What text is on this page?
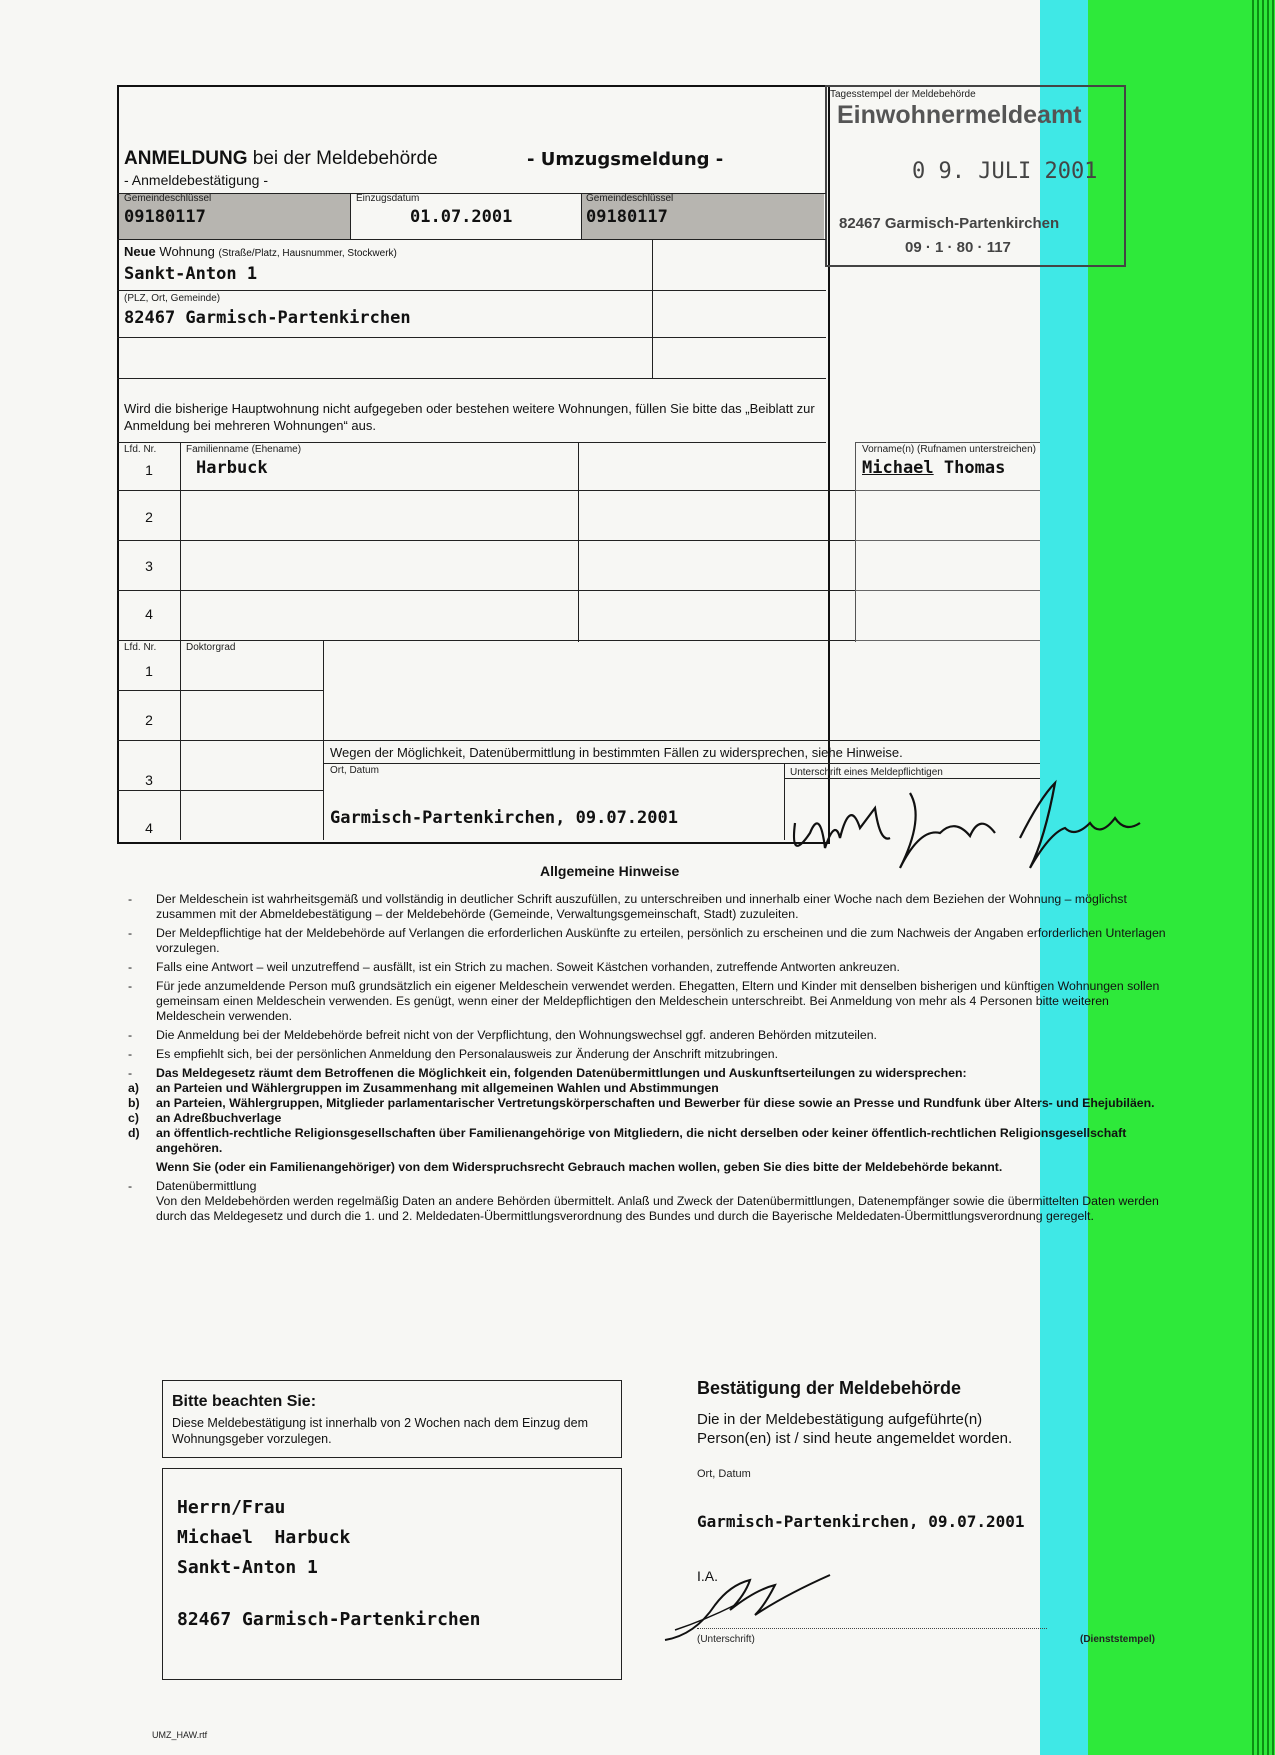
ANMELDUNG bei der Meldebehörde
- Anmeldebestätigung -
- Umzugsmeldung -
Tagesstempel der Meldebehörde
Einwohnermeldeamt
0 9. JULI 2001
82467 Garmisch-Partenkirchen
09 · 1 · 80 · 117
Gemeindeschlüssel
09180117
Einzugsdatum
01.07.2001
Gemeindeschlüssel
09180117
Neue Wohnung (Straße/Platz, Hausnummer, Stockwerk)
Sankt-Anton 1
(PLZ, Ort, Gemeinde)
82467 Garmisch-Partenkirchen
Wird die bisherige Hauptwohnung nicht aufgegeben oder bestehen weitere Wohnungen, füllen Sie bitte das „Beiblatt zur Anmeldung bei mehreren Wohnungen“ aus.
Lfd. Nr.	Familienname (Ehename)	Vorname(n) (Rufnamen unterstreichen)
1	Harbuck	Michael Thomas
2
3
4
Lfd. Nr.	Doktorgrad
1
2
3
4
Wegen der Möglichkeit, Datenübermittlung in bestimmten Fällen zu widersprechen, siehe Hinweise.
Ort, Datum
Garmisch-Partenkirchen, 09.07.2001
Unterschrift eines Meldepflichtigen
Allgemeine Hinweise
- Der Meldeschein ist wahrheitsgemäß und vollständig in deutlicher Schrift auszufüllen, zu unterschreiben und innerhalb einer Woche nach dem Beziehen der Wohnung – möglichst zusammen mit der Abmeldebestätigung – der Meldebehörde (Gemeinde, Verwaltungsgemeinschaft, Stadt) zuzuleiten.
- Der Meldepflichtige hat der Meldebehörde auf Verlangen die erforderlichen Auskünfte zu erteilen, persönlich zu erscheinen und die zum Nachweis der Angaben erforderlichen Unterlagen vorzulegen.
- Falls eine Antwort – weil unzutreffend – ausfällt, ist ein Strich zu machen. Soweit Kästchen vorhanden, zutreffende Antworten ankreuzen.
- Für jede anzumeldende Person muß grundsätzlich ein eigener Meldeschein verwendet werden. Ehegatten, Eltern und Kinder mit denselben bisherigen und künftigen Wohnungen sollen gemeinsam einen Meldeschein verwenden. Es genügt, wenn einer der Meldepflichtigen den Meldeschein unterschreibt. Bei Anmeldung von mehr als 4 Personen bitte weiteren Meldeschein verwenden.
- Die Anmeldung bei der Meldebehörde befreit nicht von der Verpflichtung, den Wohnungswechsel ggf. anderen Behörden mitzuteilen.
- Es empfiehlt sich, bei der persönlichen Anmeldung den Personalausweis zur Änderung der Anschrift mitzubringen.
- Das Meldegesetz räumt dem Betroffenen die Möglichkeit ein, folgenden Datenübermittlungen und Auskunftserteilungen zu widersprechen:
a) an Parteien und Wählergruppen im Zusammenhang mit allgemeinen Wahlen und Abstimmungen
b) an Parteien, Wählergruppen, Mitglieder parlamentarischer Vertretungskörperschaften und Bewerber für diese sowie an Presse und Rundfunk über Alters- und Ehejubiläen.
c) an Adreßbuchverlage
d) an öffentlich-rechtliche Religionsgesellschaften über Familienangehörige von Mitgliedern, die nicht derselben oder keiner öffentlich-rechtlichen Religionsgesellschaft angehören.
Wenn Sie (oder ein Familienangehöriger) von dem Widerspruchsrecht Gebrauch machen wollen, geben Sie dies bitte der Meldebehörde bekannt.
- Datenübermittlung
Von den Meldebehörden werden regelmäßig Daten an andere Behörden übermittelt. Anlaß und Zweck der Datenübermittlungen, Datenempfänger sowie die übermittelten Daten werden durch das Meldegesetz und durch die 1. und 2. Meldedaten-Übermittlungsverordnung des Bundes und durch die Bayerische Meldedaten-Übermittlungsverordnung geregelt.
Bitte beachten Sie:
Diese Meldebestätigung ist innerhalb von 2 Wochen nach dem Einzug dem Wohnungsgeber vorzulegen.
Herrn/Frau
Michael  Harbuck
Sankt-Anton 1
82467 Garmisch-Partenkirchen
Bestätigung der Meldebehörde
Die in der Meldebestätigung aufgeführte(n) Person(en) ist / sind heute angemeldet worden.
Ort, Datum
Garmisch-Partenkirchen, 09.07.2001
I.A.
(Unterschrift)	(Dienststempel)
UMZ_HAW.rtf
